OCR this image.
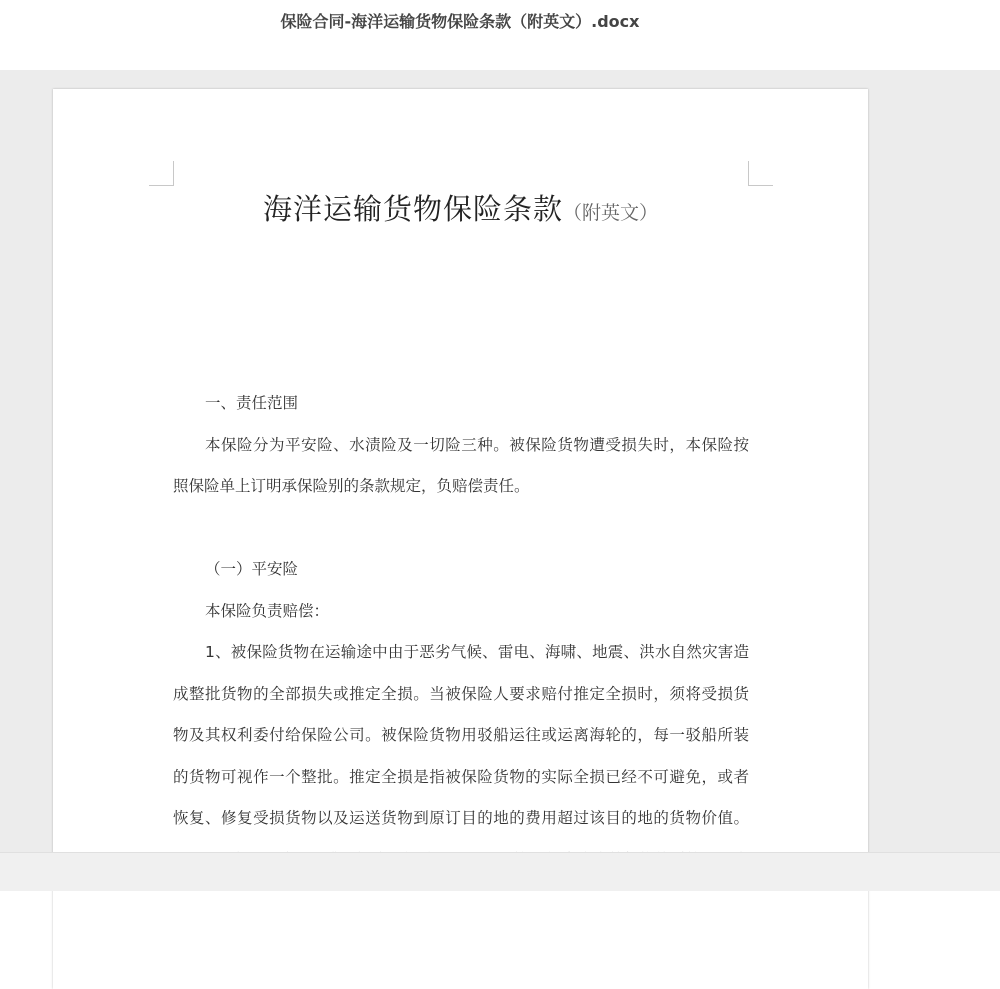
保险合同-海洋运输货物保险条款（附英文）.docx
海洋运输货物保险条款（附英文）
一、责任范围
本保险分为平安险、水渍险及一切险三种。被保险货物遭受损失时，本保险按
照保险单上订明承保险别的条款规定，负赔偿责任。
（一）平安险
本保险负责赔偿：
1、被保险货物在运输途中由于恶劣气候、雷电、海啸、地震、洪水自然灾害造
成整批货物的全部损失或推定全损。当被保险人要求赔付推定全损时，须将受损货
物及其权利委付给保险公司。被保险货物用驳船运往或运离海轮的，每一驳船所装
的货物可视作一个整批。推定全损是指被保险货物的实际全损已经不可避免，或者
恢复、修复受损货物以及运送货物到原订目的地的费用超过该目的地的货物价值。
